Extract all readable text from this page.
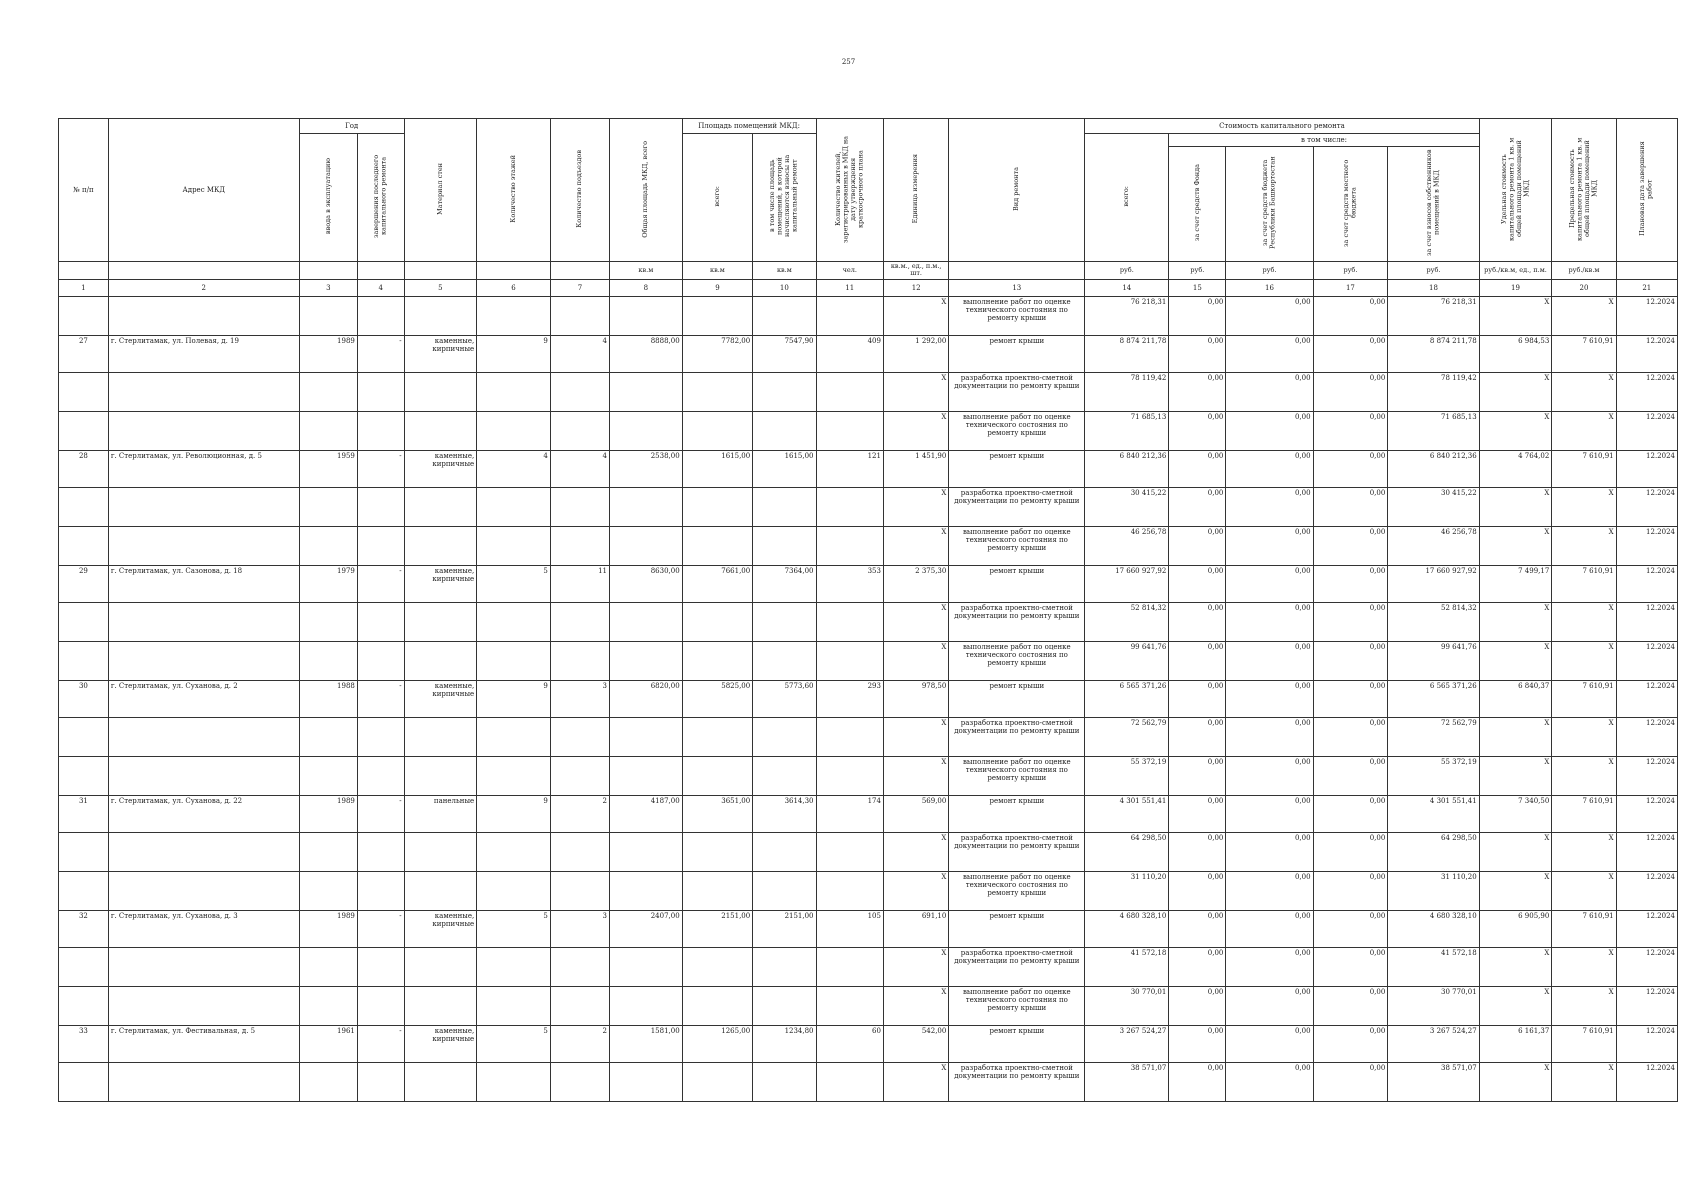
257
№ п/п	Адрес МКД	Год		Материал стен	Количество этажей	Количество подъездов	Общая площадь МКД, всего	Площадь помещений МКД:		Количество жителей, зарегистрированных в МКД на дату утверждения краткосрочного плана	Единица измерения	Вид ремонта	Стоимость капитального ремонта					Удельная стоимость капитального ремонта 1 кв. м общей площади помещений МКД	Предельная стоимость капитального ремонта 1 кв. м общей площади помещений МКД	Плановая дата завершения работ
		ввода в эксплуатацию	завершения последнего капитального ремонта					всего:	в том числе площадь помещений, в которой начисляются взносы на капитальный ремонт				всего:	в том числе:						
														за счет средств Фонда	за счет средств бюджета Республики Башкортостан	за счет средств местного бюджета	за счет взносов собственников помещений в МКД			
							кв.м	кв.м	кв.м	чел.	кв.м., ед., п.м., шт.		руб.	руб.	руб.	руб.	руб.	руб./кв.м, ед., п.м.	руб./кв.м	
1	2	3	4	5	6	7	8	9	10	11	12	13	14	15	16	17	18	19	20	21
											X	выполнение работ по оценке технического состояния по ремонту крыши	76 218,31	0,00	0,00	0,00	76 218,31	X	X	12.2024
27	г. Стерлитамак, ул. Полевая, д. 19	1989	-	каменные, кирпичные	9	4	8888,00	7782,00	7547,90	409	1 292,00	ремонт крыши	8 874 211,78	0,00	0,00	0,00	8 874 211,78	6 984,53	7 610,91	12.2024
											X	разработка проектно-сметной документации по ремонту крыши	78 119,42	0,00	0,00	0,00	78 119,42	X	X	12.2024
											X	выполнение работ по оценке технического состояния по ремонту крыши	71 685,13	0,00	0,00	0,00	71 685,13	X	X	12.2024
28	г. Стерлитамак, ул. Революционная, д. 5	1959	-	каменные, кирпичные	4	4	2538,00	1615,00	1615,00	121	1 451,90	ремонт крыши	6 840 212,36	0,00	0,00	0,00	6 840 212,36	4 764,02	7 610,91	12.2024
											X	разработка проектно-сметной документации по ремонту крыши	30 415,22	0,00	0,00	0,00	30 415,22	X	X	12.2024
											X	выполнение работ по оценке технического состояния по ремонту крыши	46 256,78	0,00	0,00	0,00	46 256,78	X	X	12.2024
29	г. Стерлитамак, ул. Сазонова, д. 18	1979	-	каменные, кирпичные	5	11	8630,00	7661,00	7364,00	353	2 375,30	ремонт крыши	17 660 927,92	0,00	0,00	0,00	17 660 927,92	7 499,17	7 610,91	12.2024
											X	разработка проектно-сметной документации по ремонту крыши	52 814,32	0,00	0,00	0,00	52 814,32	X	X	12.2024
											X	выполнение работ по оценке технического состояния по ремонту крыши	99 641,76	0,00	0,00	0,00	99 641,76	X	X	12.2024
30	г. Стерлитамак, ул. Суханова, д. 2	1988	-	каменные, кирпичные	9	3	6820,00	5825,00	5773,60	293	978,50	ремонт крыши	6 565 371,26	0,00	0,00	0,00	6 565 371,26	6 840,37	7 610,91	12.2024
											X	разработка проектно-сметной документации по ремонту крыши	72 562,79	0,00	0,00	0,00	72 562,79	X	X	12.2024
											X	выполнение работ по оценке технического состояния по ремонту крыши	55 372,19	0,00	0,00	0,00	55 372,19	X	X	12.2024
31	г. Стерлитамак, ул. Суханова, д. 22	1989	-	панельные	9	2	4187,00	3651,00	3614,30	174	569,00	ремонт крыши	4 301 551,41	0,00	0,00	0,00	4 301 551,41	7 340,50	7 610,91	12.2024
											X	разработка проектно-сметной документации по ремонту крыши	64 298,50	0,00	0,00	0,00	64 298,50	X	X	12.2024
											X	выполнение работ по оценке технического состояния по ремонту крыши	31 110,20	0,00	0,00	0,00	31 110,20	X	X	12.2024
32	г. Стерлитамак, ул. Суханова, д. 3	1989	-	каменные, кирпичные	5	3	2407,00	2151,00	2151,00	105	691,10	ремонт крыши	4 680 328,10	0,00	0,00	0,00	4 680 328,10	6 905,90	7 610,91	12.2024
											X	разработка проектно-сметной документации по ремонту крыши	41 572,18	0,00	0,00	0,00	41 572,18	X	X	12.2024
											X	выполнение работ по оценке технического состояния по ремонту крыши	30 770,01	0,00	0,00	0,00	30 770,01	X	X	12.2024
33	г. Стерлитамак, ул. Фестивальная, д. 5	1961	-	каменные, кирпичные	5	2	1581,00	1265,00	1234,80	60	542,00	ремонт крыши	3 267 524,27	0,00	0,00	0,00	3 267 524,27	6 161,37	7 610,91	12.2024
											X	разработка проектно-сметной документации по ремонту крыши	38 571,07	0,00	0,00	0,00	38 571,07	X	X	12.2024
